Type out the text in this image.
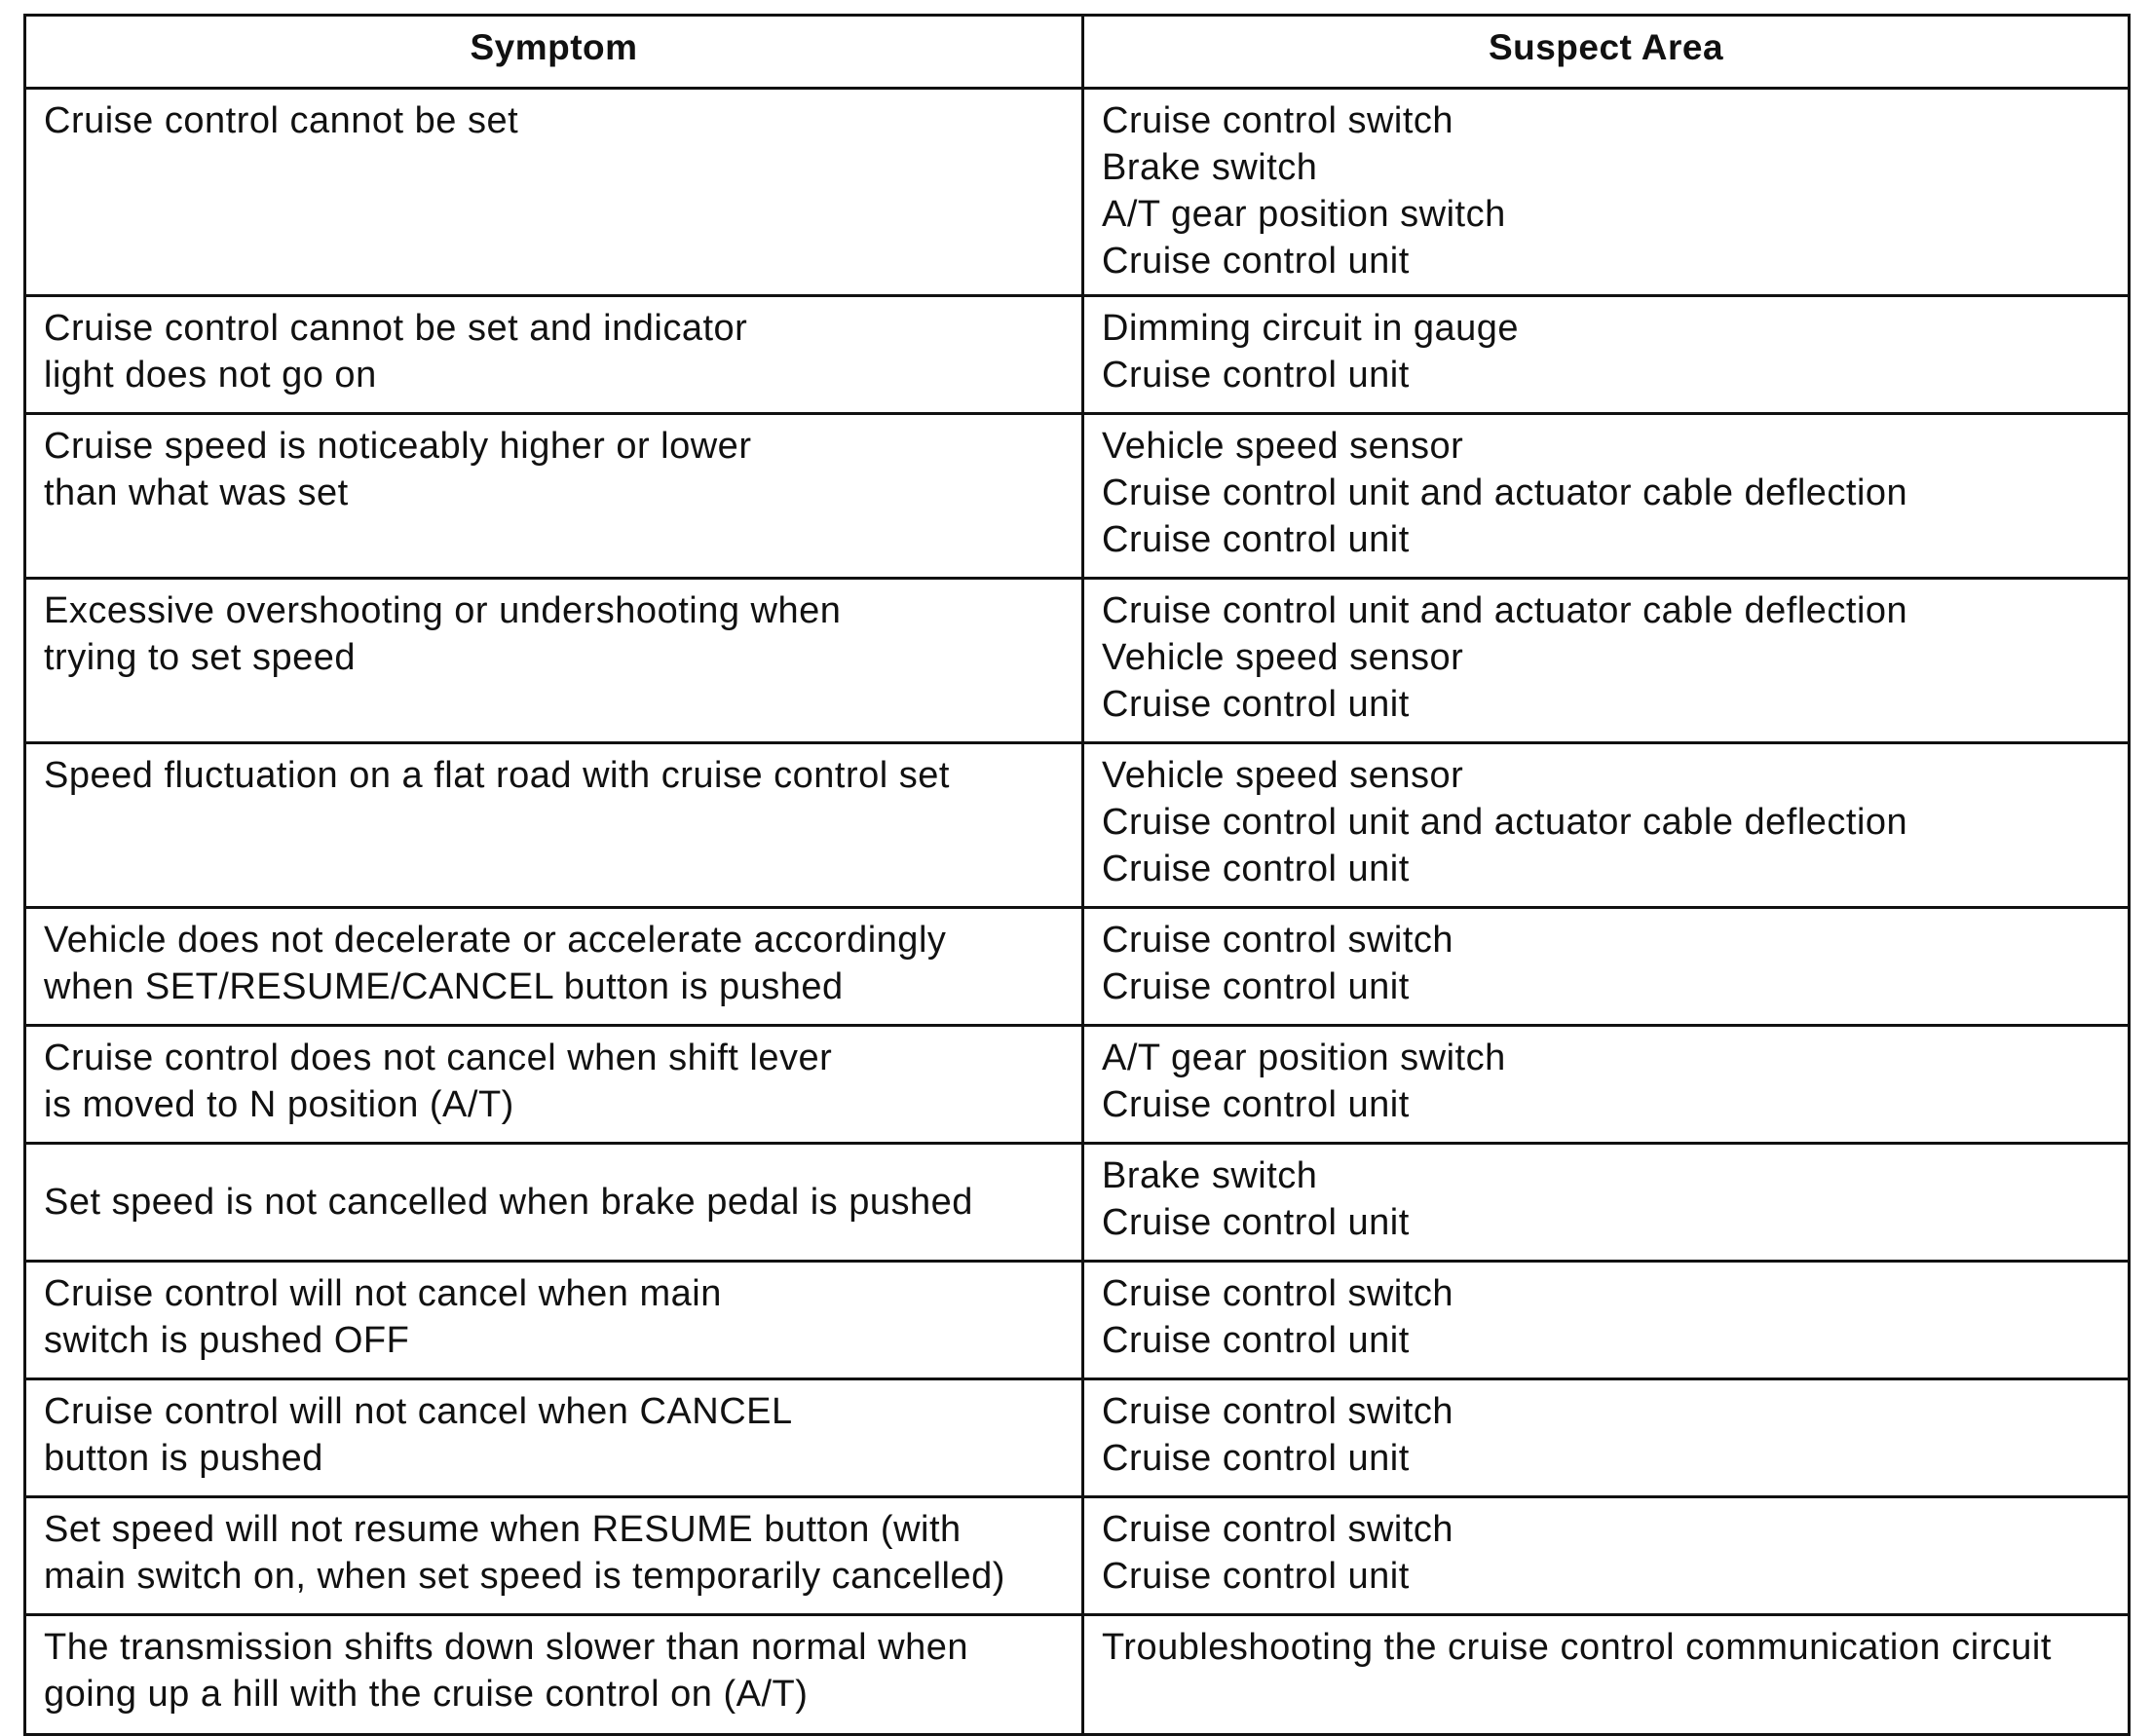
Symptom	Suspect Area

Cruise control cannot be set	Cruise control switch
Brake switch
A/T gear position switch
Cruise control unit

Cruise control cannot be set and indicator
light does not go on	Dimming circuit in gauge
Cruise control unit

Cruise speed is noticeably higher or lower
than what was set	Vehicle speed sensor
Cruise control unit and actuator cable deflection
Cruise control unit

Excessive overshooting or undershooting when
trying to set speed	Cruise control unit and actuator cable deflection
Vehicle speed sensor
Cruise control unit

Speed fluctuation on a flat road with cruise control set	Vehicle speed sensor
Cruise control unit and actuator cable deflection
Cruise control unit

Vehicle does not decelerate or accelerate accordingly
when SET/RESUME/CANCEL button is pushed	Cruise control switch
Cruise control unit

Cruise control does not cancel when shift lever
is moved to N position (A/T)	A/T gear position switch
Cruise control unit

Set speed is not cancelled when brake pedal is pushed	Brake switch
Cruise control unit

Cruise control will not cancel when main
switch is pushed OFF	Cruise control switch
Cruise control unit

Cruise control will not cancel when CANCEL
button is pushed	Cruise control switch
Cruise control unit

Set speed will not resume when RESUME button (with
main switch on, when set speed is temporarily cancelled)	Cruise control switch
Cruise control unit

The transmission shifts down slower than normal when
going up a hill with the cruise control on (A/T)	Troubleshooting the cruise control communication circuit
